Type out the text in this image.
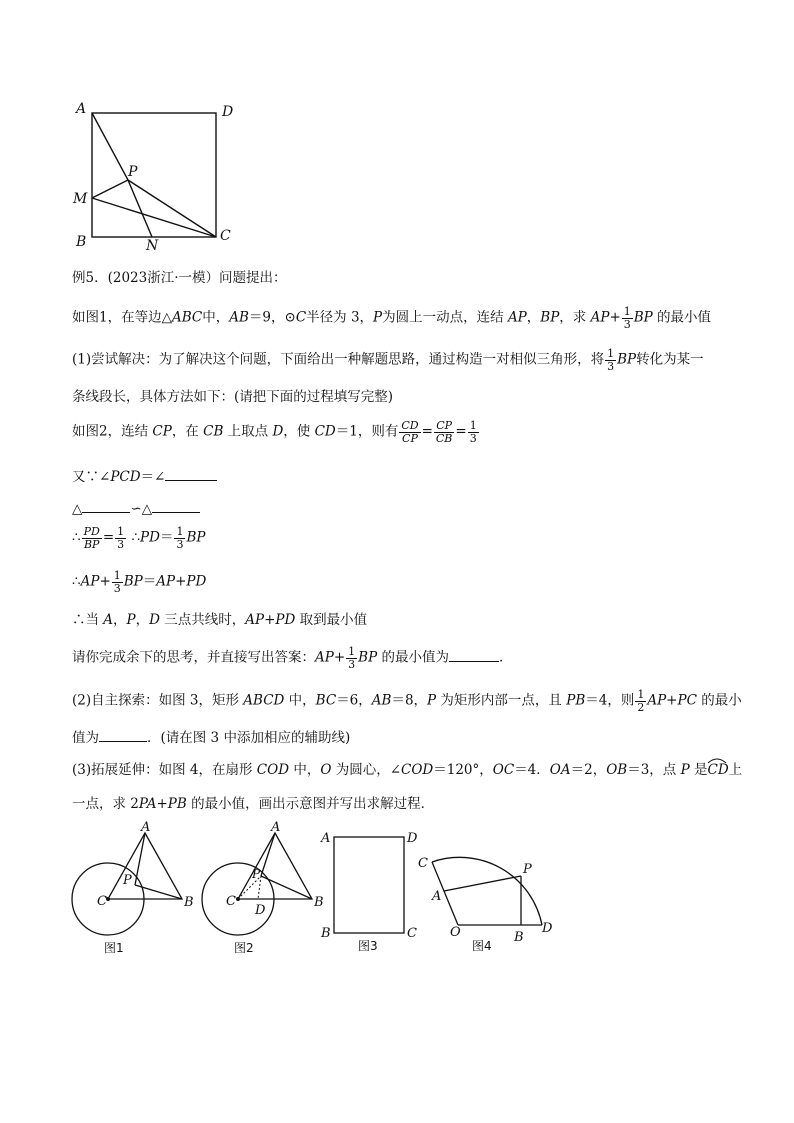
A	D
P
M
B	N
C
例5．(2023浙江·一模）问题提出：
如图1，在等边△ABC中，AB＝9，⊙C半径为 3，P为圆上一动点，连结 AP，BP，求 $AP+ \frac{1}{3}$ BP 的最小值
(1)尝试解决：为了解决这个问题，下面给出一种解题思路，通过构造一对相似三角形，将 $\frac{1}{3}$ BP转化为某一
条线段长，具体方法如下：(请把下面的过程填写完整)
如图2，连结 CP，在 CB 上取点 D，使 CD＝1，则有 $\frac{CD}{CP} = \frac{CP}{CB} = \frac{1}{3}$
又∵∠PCD＝∠
△	∽△
∴ $\frac{PD}{BP} = \frac{1}{3}$ ∴PD＝ $\frac{1}{3}$ BP
∴AP+ $\frac{1}{3} BP=AP+PD$
∴当 A，P，D 三点共线时，AP+PD 取到最小值
请你完成余下的思考，并直接写出答案：$AP+ \frac{1}{3}$ BP 的最小值为	．
(2)自主探索：如图 3，矩形 ABCD 中，BC＝6，AB＝8，P 为矩形内部一点，且 PB＝4，则 $\frac{1}{2} AP+PC$ 的最小
值为	．(请在图 3 中添加相应的辅助线)
(3)拓展延伸：如图 4，在扇形 COD 中，O 为圆心，∠COD＝120°，OC＝4．OA＝2，OB＝3，点 P 是CD
上
一点，求 2PA+PB 的最小值，画出示意图并写出求解过程．
A
P
C	B
图1
A
P
C
D
B
图2
A	D
B	C
图3
C	P
A
O	B
D
图4
